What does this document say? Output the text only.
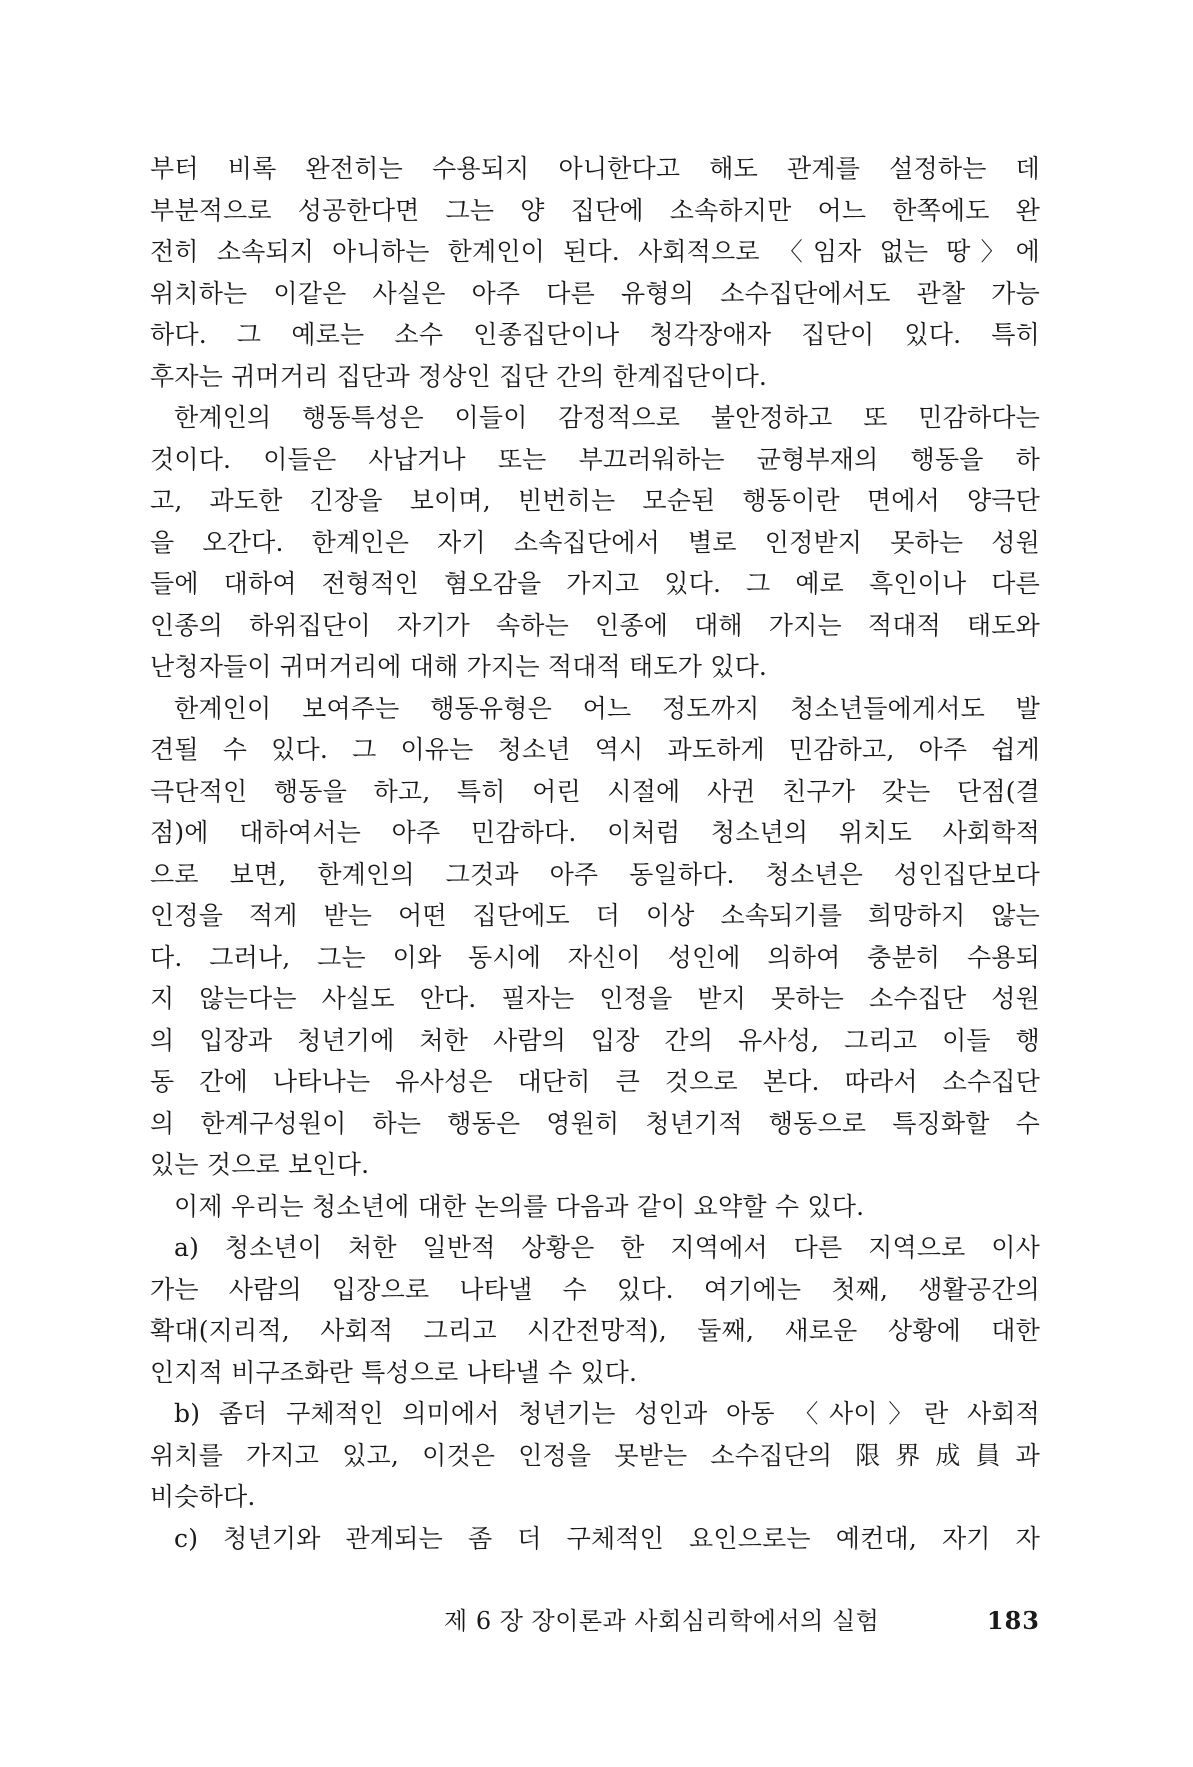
부터 비록 완전히는 수용되지 아니한다고 해도 관계를 설정하는 데
부분적으로 성공한다면 그는 양 집단에 소속하지만 어느 한쪽에도 완
전히 소속되지 아니하는 한계인이 된다. 사회적으로 〈임자 없는 땅〉에
위치하는 이같은 사실은 아주 다른 유형의 소수집단에서도 관찰 가능
하다. 그 예로는 소수 인종집단이나 청각장애자 집단이 있다. 특히
후자는 귀머거리 집단과 정상인 집단 간의 한계집단이다.
한계인의 행동특성은 이들이 감정적으로 불안정하고 또 민감하다는
것이다. 이들은 사납거나 또는 부끄러워하는 균형부재의 행동을 하
고, 과도한 긴장을 보이며, 빈번히는 모순된 행동이란 면에서 양극단
을 오간다. 한계인은 자기 소속집단에서 별로 인정받지 못하는 성원
들에 대하여 전형적인 혐오감을 가지고 있다. 그 예로 흑인이나 다른
인종의 하위집단이 자기가 속하는 인종에 대해 가지는 적대적 태도와
난청자들이 귀머거리에 대해 가지는 적대적 태도가 있다.
한계인이 보여주는 행동유형은 어느 정도까지 청소년들에게서도 발
견될 수 있다. 그 이유는 청소년 역시 과도하게 민감하고, 아주 쉽게
극단적인 행동을 하고, 특히 어린 시절에 사귄 친구가 갖는 단점(결
점)에 대하여서는 아주 민감하다. 이처럼 청소년의 위치도 사회학적
으로 보면, 한계인의 그것과 아주 동일하다. 청소년은 성인집단보다
인정을 적게 받는 어떤 집단에도 더 이상 소속되기를 희망하지 않는
다. 그러나, 그는 이와 동시에 자신이 성인에 의하여 충분히 수용되
지 않는다는 사실도 안다. 필자는 인정을 받지 못하는 소수집단 성원
의 입장과 청년기에 처한 사람의 입장 간의 유사성, 그리고 이들 행
동 간에 나타나는 유사성은 대단히 큰 것으로 본다. 따라서 소수집단
의 한계구성원이 하는 행동은 영원히 청년기적 행동으로 특징화할 수
있는 것으로 보인다.
이제 우리는 청소년에 대한 논의를 다음과 같이 요약할 수 있다.
a) 청소년이 처한 일반적 상황은 한 지역에서 다른 지역으로 이사
가는 사람의 입장으로 나타낼 수 있다. 여기에는 첫째, 생활공간의
확대(지리적, 사회적 그리고 시간전망적), 둘째, 새로운 상황에 대한
인지적 비구조화란 특성으로 나타낼 수 있다.
b) 좀더 구체적인 의미에서 청년기는 성인과 아동 〈사이〉란 사회적
위치를 가지고 있고, 이것은 인정을 못받는 소수집단의 限界成員과
비슷하다.
c) 청년기와 관계되는 좀 더 구체적인 요인으로는 예컨대, 자기 자
제 6 장 장이론과 사회심리학에서의 실험	183
